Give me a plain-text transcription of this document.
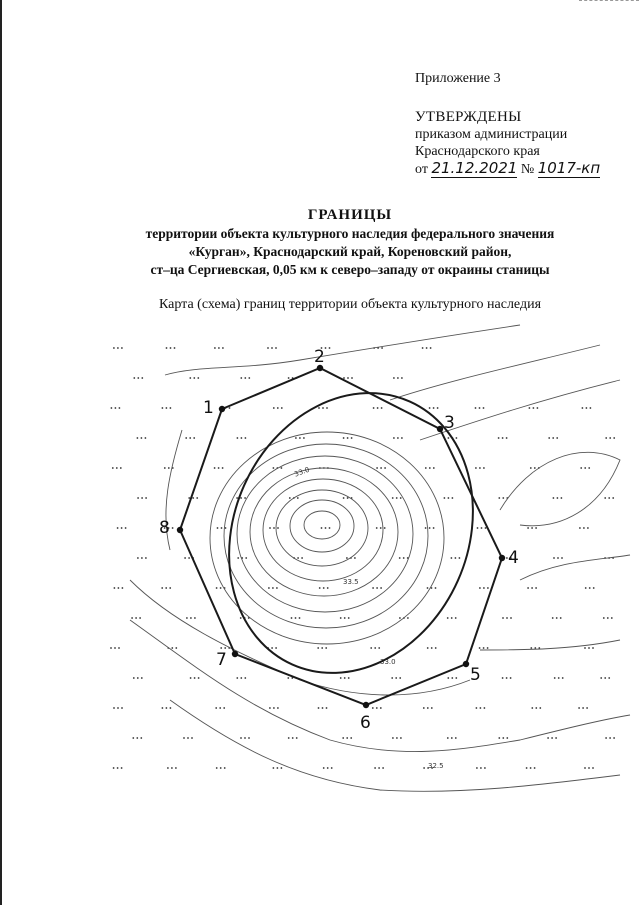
Приложение 3
УТВЕРЖДЕНЫ
приказом администрации
Краснодарского края
от 21.12.2021 № 1017-кп
ГРАНИЦЫ
территории объекта культурного наследия федерального значения
«Курган», Краснодарский край, Кореновский район,
ст–ца Сергиевская, 0,05 км к северо–западу от окраины станицы
Карта (схема) границ территории объекта культурного наследия
33.5
33.0
32.5
33.0
1
2
3
4
5
6
7
8
